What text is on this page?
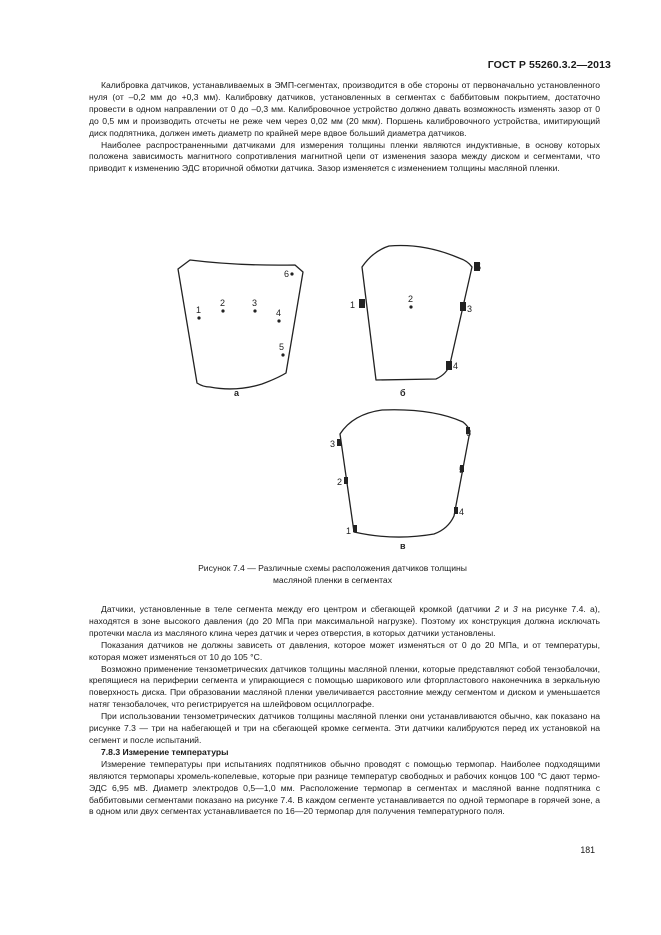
ГОСТ Р 55260.3.2—2013

Калибровка датчиков, устанавливаемых в ЭМП-сегментах, производится в обе стороны от первоначально установленного нуля (от –0,2 мм до +0,3 мм). Калибровку датчиков, установленных в сегментах с баббитовым покрытием, достаточно провести в одном направлении от 0 до –0,3 мм. Калибровочное устройство должно давать возможность изменять зазор от 0 до 0,5 мм и производить отсчеты не реже чем через 0,02 мм (20 мкм). Поршень калибровочного устройства, имитирующий диск подпятника, должен иметь диаметр по крайней мере вдвое больший диаметра датчиков.

Наиболее распространенными датчиками для измерения толщины пленки являются индуктивные, в основу которых положена зависимость магнитного сопротивления магнитной цепи от изменения зазора между диском и сегментами, что приводит к изменению ЭДС вторичной обмотки датчика. Зазор изменяется с изменением толщины масляной пленки.

1
2	3
4
5
6
а
1
2
3
4
5
б
1
2
3
4
5
6
в
Рисунок 7.4 — Различные схемы расположения датчиков толщины
масляной пленки в сегментах

Датчики, установленные в теле сегмента между его центром и сбегающей кромкой (датчики 2 и 3 на рисунке 7.4. а), находятся в зоне высокого давления (до 20 МПа при максимальной нагрузке). Поэтому их конструкция должна исключать протечки масла из масляного клина через датчик и через отверстия, в которых датчики установлены.

Показания датчиков не должны зависеть от давления, которое может изменяться от 0 до 20 МПа, и от температуры, которая может изменяться от 10 до 105 °С.

Возможно применение тензометрических датчиков толщины масляной пленки, которые представляют собой тензобалочки, крепящиеся на периферии сегмента и упирающиеся с помощью шарикового или фторпластового наконечника в зеркальную поверхность диска. При образовании масляной пленки увеличивается расстояние между сегментом и диском и уменьшается натяг тензобалочек, что регистрируется на шлейфовом осциллографе.

При использовании тензометрических датчиков толщины масляной пленки они устанавливаются обычно, как показано на рисунке 7.3 — три на набегающей и три на сбегающей кромке сегмента. Эти датчики калибруются перед их установкой на сегмент и после испытаний.

7.8.3 Измерение температуры

Измерение температуры при испытаниях подпятников обычно проводят с помощью термопар. Наиболее подходящими являются термопары хромель-копелевые, которые при разнице температур свободных и рабочих концов 100 °С дают термо-ЭДС 6,95 мВ. Диаметр электродов 0,5—1,0 мм. Расположение термопар в сегментах и масляной ванне подпятника с баббитовыми сегментами показано на рисунке 7.4. В каждом сегменте устанавливается по одной термопаре в горячей зоне, а в одном или двух сегментах устанавливается по 16—20 термопар для получения температурного поля.

181
